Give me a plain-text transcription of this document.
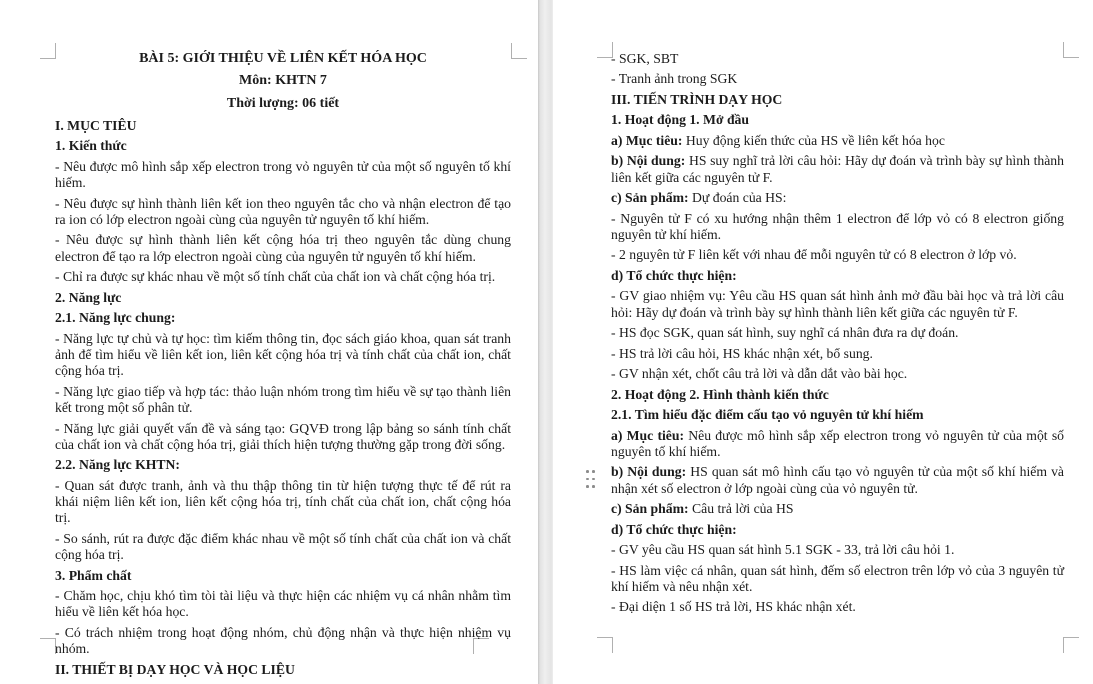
BÀI 5: GIỚI THIỆU VỀ LIÊN KẾT HÓA HỌC

Môn: KHTN 7

Thời lượng: 06 tiết

I. MỤC TIÊU

1. Kiến thức

- Nêu được mô hình sắp xếp electron trong vỏ nguyên tử của một số nguyên tố khí hiếm.

- Nêu được sự hình thành liên kết ion theo nguyên tắc cho và nhận electron để tạo ra ion có lớp electron ngoài cùng của nguyên tử nguyên tố khí hiếm.

- Nêu được sự hình thành liên kết cộng hóa trị theo nguyên tắc dùng chung electron để tạo ra lớp electron ngoài cùng của nguyên tử nguyên tố khí hiếm.

- Chỉ ra được sự khác nhau về một số tính chất của chất ion và chất cộng hóa trị.

2. Năng lực

2.1. Năng lực chung:

- Năng lực tự chủ và tự học: tìm kiếm thông tin, đọc sách giáo khoa, quan sát tranh ảnh để tìm hiểu về liên kết ion, liên kết cộng hóa trị và tính chất của chất ion, chất cộng hóa trị.

- Năng lực giao tiếp và hợp tác: thảo luận nhóm trong tìm hiểu về sự tạo thành liên kết trong một số phân tử.

- Năng lực giải quyết vấn đề và sáng tạo: GQVĐ trong lập bảng so sánh tính chất của chất ion và chất cộng hóa trị, giải thích hiện tượng thường gặp trong đời sống.

2.2. Năng lực KHTN:

- Quan sát được tranh, ảnh và thu thập thông tin từ hiện tượng thực tế để rút ra khái niệm liên kết ion, liên kết cộng hóa trị, tính chất của chất ion, chất cộng hóa trị.

- So sánh, rút ra được đặc điểm khác nhau về một số tính chất của chất ion và chất cộng hóa trị.

3. Phẩm chất

- Chăm học, chịu khó tìm tòi tài liệu và thực hiện các nhiệm vụ cá nhân nhằm tìm hiểu về liên kết hóa học.

- Có trách nhiệm trong hoạt động nhóm, chủ động nhận và thực hiện nhiệm vụ nhóm.

II. THIẾT BỊ DẠY HỌC VÀ HỌC LIỆU

- SGK, SBT

- Tranh ảnh trong SGK

III. TIẾN TRÌNH DẠY HỌC

1. Hoạt động 1. Mở đầu

a) Mục tiêu: Huy động kiến thức của HS về liên kết hóa học

b) Nội dung: HS suy nghĩ trả lời câu hỏi: Hãy dự đoán và trình bày sự hình thành liên kết giữa các nguyên tử F.

c) Sản phẩm: Dự đoán của HS:

- Nguyên tử F có xu hướng nhận thêm 1 electron để lớp vỏ có 8 electron giống nguyên tử khí hiếm.

- 2 nguyên tử F liên kết với nhau để mỗi nguyên tử có 8 electron ở lớp vỏ.

d) Tổ chức thực hiện:

- GV giao nhiệm vụ: Yêu cầu HS quan sát hình ảnh mở đầu bài học và trả lời câu hỏi: Hãy dự đoán và trình bày sự hình thành liên kết giữa các nguyên tử F.

- HS đọc SGK, quan sát hình, suy nghĩ cá nhân đưa ra dự đoán.

- HS trả lời câu hỏi, HS khác nhận xét, bổ sung.

- GV nhận xét, chốt câu trả lời và dẫn dắt vào bài học.

2. Hoạt động 2. Hình thành kiến thức

2.1. Tìm hiểu đặc điểm cấu tạo vỏ nguyên tử khí hiếm

a) Mục tiêu: Nêu được mô hình sắp xếp electron trong vỏ nguyên tử của một số nguyên tố khí hiếm.

b) Nội dung: HS quan sát mô hình cấu tạo vỏ nguyên tử của một số khí hiếm và nhận xét số electron ở lớp ngoài cùng của vỏ nguyên tử.

c) Sản phẩm: Câu trả lời của HS

d) Tổ chức thực hiện:

- GV yêu cầu HS quan sát hình 5.1 SGK - 33, trả lời câu hỏi 1.

- HS làm việc cá nhân, quan sát hình, đếm số electron trên lớp vỏ của 3 nguyên tử khí hiếm và nêu nhận xét.

- Đại diện 1 số HS trả lời, HS khác nhận xét.
